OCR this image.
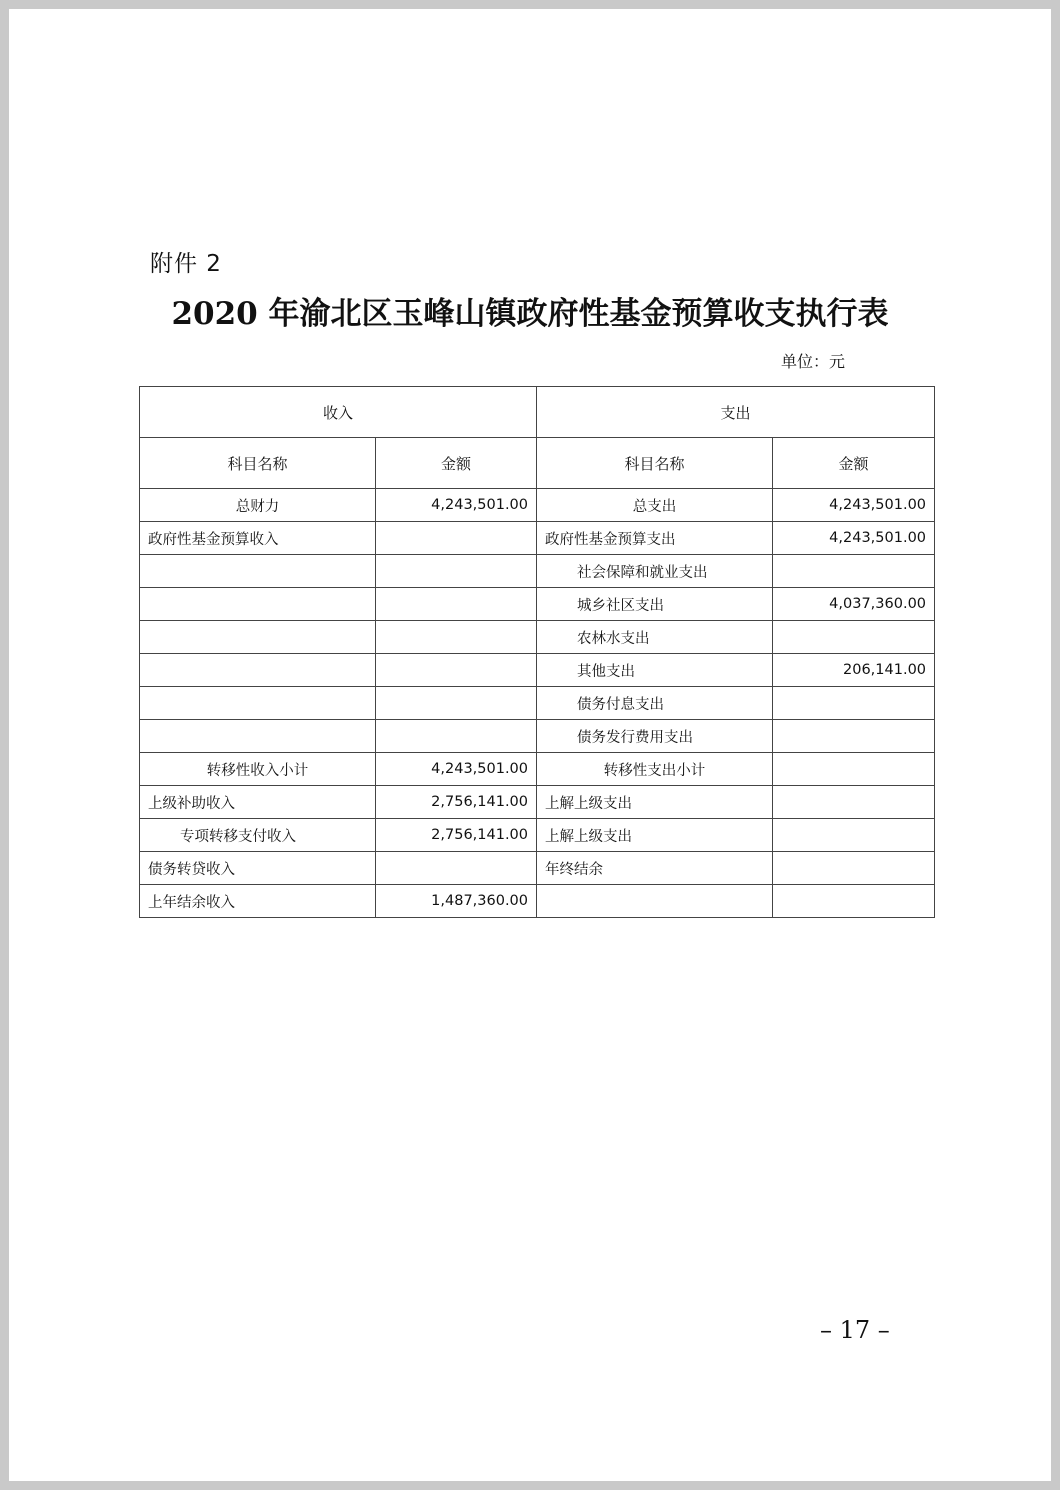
附件 2
2020 年渝北区玉峰山镇政府性基金预算收支执行表
单位：元
收入		支出	
科目名称	金额	科目名称	金额
总财力	4,243,501.00	总支出	4,243,501.00
政府性基金预算收入		政府性基金预算支出	4,243,501.00
		社会保障和就业支出	
		城乡社区支出	4,037,360.00
		农林水支出	
		其他支出	206,141.00
		债务付息支出	
		债务发行费用支出	
转移性收入小计	4,243,501.00	转移性支出小计	
上级补助收入	2,756,141.00	上解上级支出	
专项转移支付收入	2,756,141.00	上解上级支出	
债务转贷收入		年终结余	
上年结余收入	1,487,360.00		
– 17 –
